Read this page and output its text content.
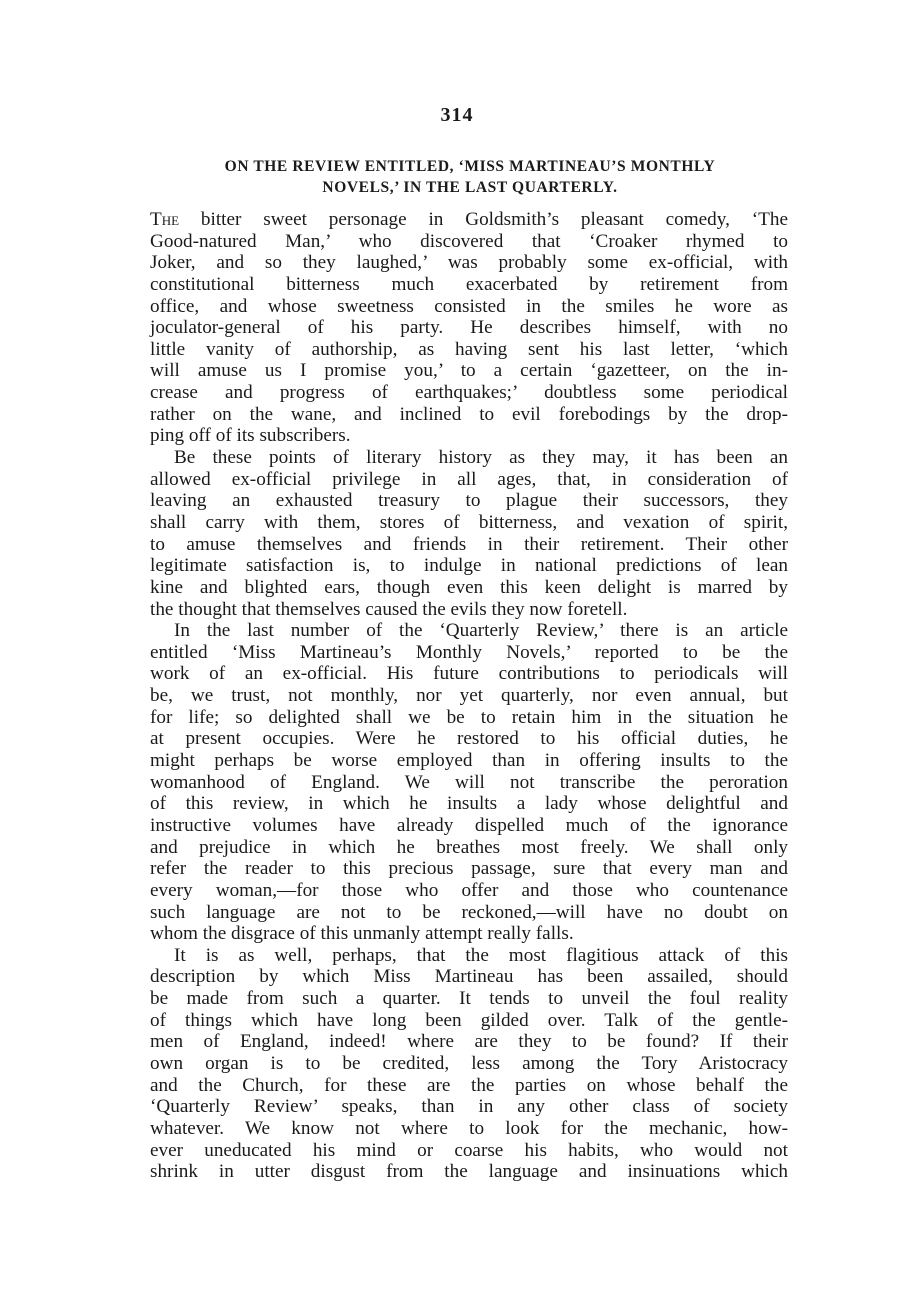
314
ON THE REVIEW ENTITLED, ‘MISS MARTINEAU’S MONTHLY
NOVELS,’ IN THE LAST QUARTERLY.
The bitter sweet personage in Goldsmith’s pleasant comedy, ‘The
Good-natured Man,’ who discovered that ‘Croaker rhymed to
Joker, and so they laughed,’ was probably some ex-official, with
constitutional bitterness much exacerbated by retirement from
office, and whose sweetness consisted in the smiles he wore as
joculator-general of his party. He describes himself, with no
little vanity of authorship, as having sent his last letter, ‘which
will amuse us I promise you,’ to a certain ‘gazetteer, on the in-
crease and progress of earthquakes;’ doubtless some periodical
rather on the wane, and inclined to evil forebodings by the drop-
ping off of its subscribers.
Be these points of literary history as they may, it has been an
allowed ex-official privilege in all ages, that, in consideration of
leaving an exhausted treasury to plague their successors, they
shall carry with them, stores of bitterness, and vexation of spirit,
to amuse themselves and friends in their retirement. Their other
legitimate satisfaction is, to indulge in national predictions of lean
kine and blighted ears, though even this keen delight is marred by
the thought that themselves caused the evils they now foretell.
In the last number of the ‘Quarterly Review,’ there is an article
entitled ‘Miss Martineau’s Monthly Novels,’ reported to be the
work of an ex-official. His future contributions to periodicals will
be, we trust, not monthly, nor yet quarterly, nor even annual, but
for life; so delighted shall we be to retain him in the situation he
at present occupies. Were he restored to his official duties, he
might perhaps be worse employed than in offering insults to the
womanhood of England. We will not transcribe the peroration
of this review, in which he insults a lady whose delightful and
instructive volumes have already dispelled much of the ignorance
and prejudice in which he breathes most freely. We shall only
refer the reader to this precious passage, sure that every man and
every woman,—for those who offer and those who countenance
such language are not to be reckoned,—will have no doubt on
whom the disgrace of this unmanly attempt really falls.
It is as well, perhaps, that the most flagitious attack of this
description by which Miss Martineau has been assailed, should
be made from such a quarter. It tends to unveil the foul reality
of things which have long been gilded over. Talk of the gentle-
men of England, indeed! where are they to be found? If their
own organ is to be credited, less among the Tory Aristocracy
and the Church, for these are the parties on whose behalf the
‘Quarterly Review’ speaks, than in any other class of society
whatever. We know not where to look for the mechanic, how-
ever uneducated his mind or coarse his habits, who would not
shrink in utter disgust from the language and insinuations which
